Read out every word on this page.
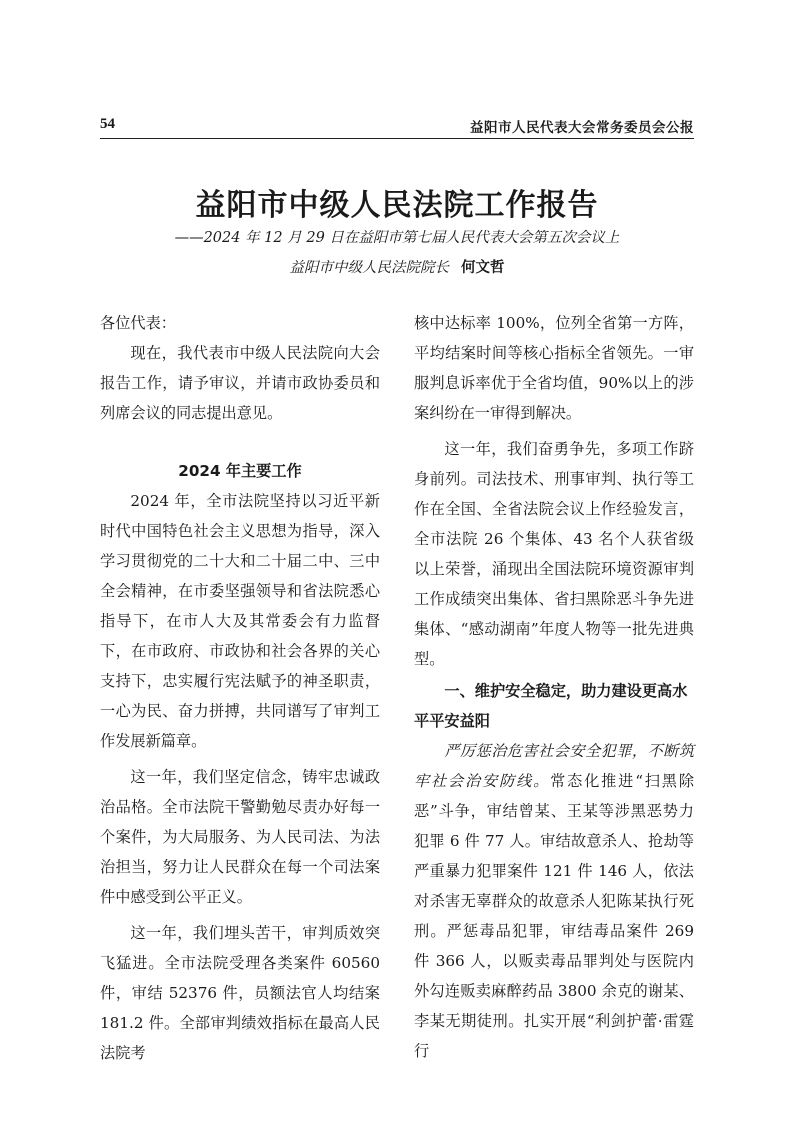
54	益阳市人民代表大会常务委员会公报
益阳市中级人民法院工作报告
——2024 年 12 月 29 日在益阳市第七届人民代表大会第五次会议上
益阳市中级人民法院院长 何文哲

各位代表：

现在，我代表市中级人民法院向大会报告工作，请予审议，并请市政协委员和列席会议的同志提出意见。

2024 年主要工作

2024 年，全市法院坚持以习近平新时代中国特色社会主义思想为指导，深入学习贯彻党的二十大和二十届二中、三中全会精神，在市委坚强领导和省法院悉心指导下，在市人大及其常委会有力监督下，在市政府、市政协和社会各界的关心支持下，忠实履行宪法赋予的神圣职责，一心为民、奋力拼搏，共同谱写了审判工作发展新篇章。

这一年，我们坚定信念，铸牢忠诚政治品格。全市法院干警勤勉尽责办好每一个案件，为大局服务、为人民司法、为法治担当，努力让人民群众在每一个司法案件中感受到公平正义。

这一年，我们埋头苦干，审判质效突飞猛进。全市法院受理各类案件 60560 件，审结 52376 件，员额法官人均结案 181.2 件。全部审判绩效指标在最高人民法院考

核中达标率 100%，位列全省第一方阵，平均结案时间等核心指标全省领先。一审服判息诉率优于全省均值，90%以上的涉案纠纷在一审得到解决。

这一年，我们奋勇争先，多项工作跻身前列。司法技术、刑事审判、执行等工作在全国、全省法院会议上作经验发言，全市法院 26 个集体、43 名个人获省级以上荣誉，涌现出全国法院环境资源审判工作成绩突出集体、省扫黑除恶斗争先进集体、“感动湖南”年度人物等一批先进典型。

一、维护安全稳定，助力建设更高水平平安益阳

严厉惩治危害社会安全犯罪，不断筑牢社会治安防线。常态化推进“扫黑除恶”斗争，审结曾某、王某等涉黑恶势力犯罪 6 件 77 人。审结故意杀人、抢劫等严重暴力犯罪案件 121 件 146 人，依法对杀害无辜群众的故意杀人犯陈某执行死刑。严惩毒品犯罪，审结毒品案件 269 件 366 人，以贩卖毒品罪判处与医院内外勾连贩卖麻醉药品 3800 余克的谢某、李某无期徒刑。扎实开展“利剑护蕾·雷霆行
